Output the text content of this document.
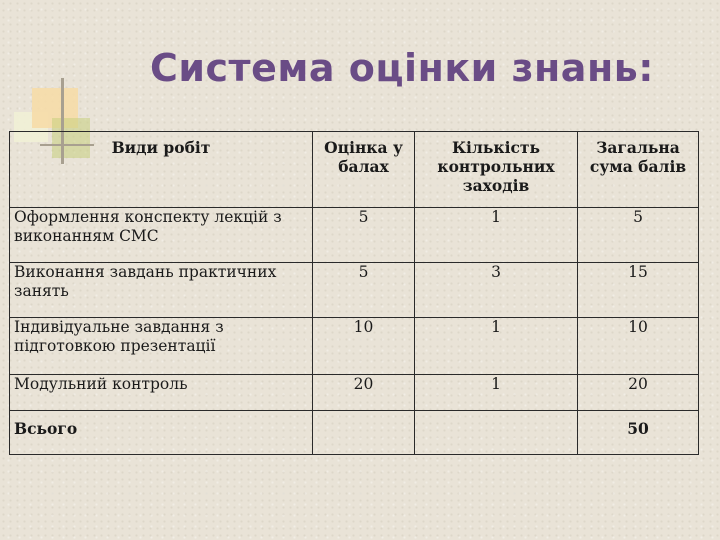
Система оцінки знань:
Види робіт	Оцінка у балах	Кількість контрольних заходів	Загальна сума балів
Оформлення конспекту лекцій з виконанням СМС	5	1	5
Виконання завдань практичних занять	5	3	15
Індивідуальне завдання з підготовкою презентації	10	1	10
Модульний контроль	20	1	20
Всього			50
